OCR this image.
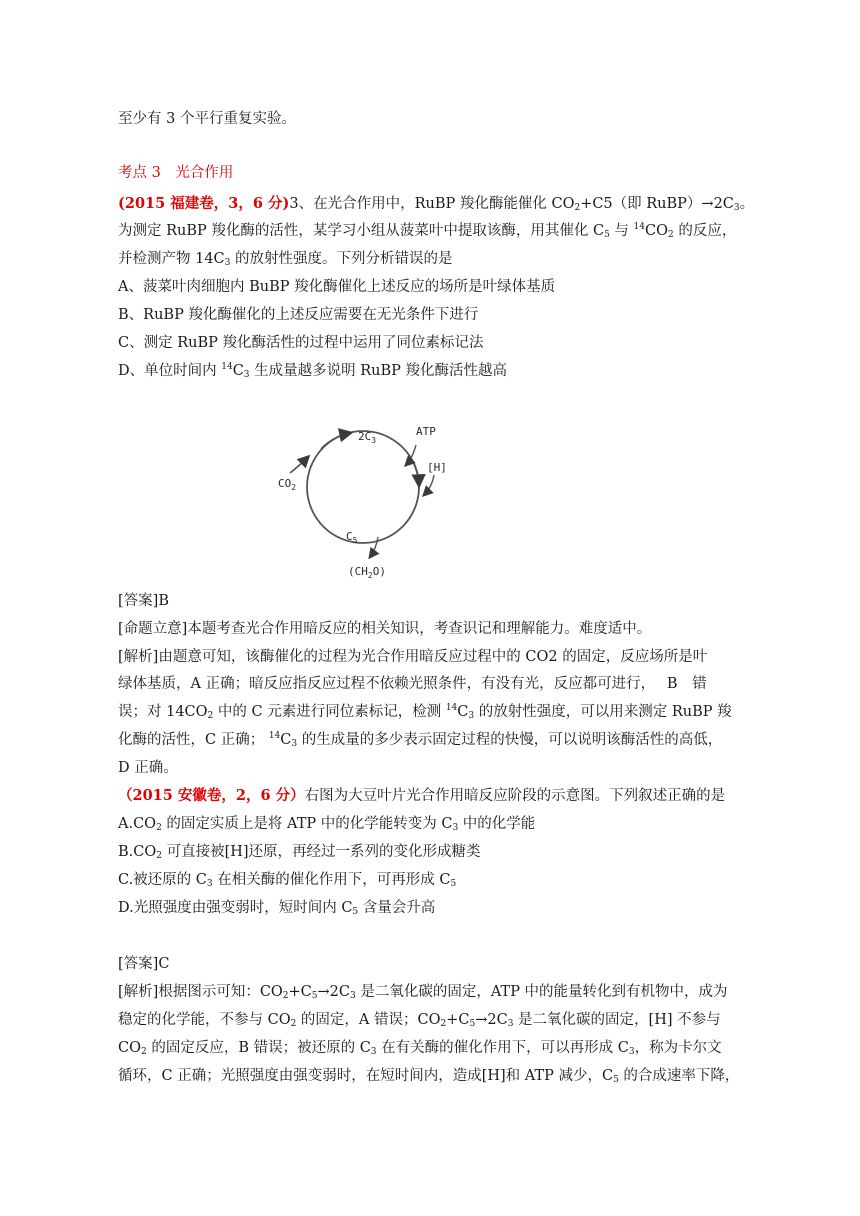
至少有 3 个平行重复实验。
考点 3　光合作用
(2015 福建卷，3，6 分)3、在光合作用中，RuBP 羧化酶能催化 $CO_2+C5$（即 $RuBP)\to 2C_3$。
为测定 RuBP 羧化酶的活性，某学习小组从菠菜叶中提取该酶，用其催化 $C_5$ 与 $^{14}CO_2$ 的反应，
并检测产物 $14C_3$ 的放射性强度。下列分析错误的是
A、菠菜叶肉细胞内 BuBP 羧化酶催化上述反应的场所是叶绿体基质
B、RuBP 羧化酶催化的上述反应需要在无光条件下进行
C、测定 RuBP 羧化酶活性的过程中运用了同位素标记法
D、单位时间内 $^{14}C_3$ 生成量越多说明 RuBP 羧化酶活性越高
$2C_3$
ATP
[H]
$CO_2$
$C_5$
$(CH_2O)$
[答案]B
[命题立意]本题考查光合作用暗反应的相关知识，考查识记和理解能力。难度适中。
[解析]由题意可知，该酶催化的过程为光合作用暗反应过程中的 CO2 的固定，反应场所是叶
绿体基质，A 正确；暗反应指反应过程不依赖光照条件，有没有光，反应都可进行，　 B　错
误；对 $14CO_2$ 中的 C 元素进行同位素标记，检测 $^{14}C_3$ 的放射性强度，可以用来测定 RuBP 羧
化酶的活性，C 正确； $^{14}C_3$ 的生成量的多少表示固定过程的快慢，可以说明该酶活性的高低，
D 正确。
（2015 安徽卷，2，6 分）右图为大豆叶片光合作用暗反应阶段的示意图。下列叙述正确的是
$A.CO_2$ 的固定实质上是将 ATP 中的化学能转变为 $C_3$ 中的化学能
$B.CO_2$ 可直接被[H]还原，再经过一系列的变化形成糖类
C.被还原的 $C_3$ 在相关酶的催化作用下，可再形成 $C_5$
D.光照强度由强变弱时，短时间内 $C_5$ 含量会升高
[答案]C
[解析]根据图示可知：$CO_2+C_5\to 2C_3$ 是二氧化碳的固定，ATP 中的能量转化到有机物中，成为
稳定的化学能，不参与 $CO_2$ 的固定，A 错误；$CO_2+C_5\to 2C_3$ 是二氧化碳的固定，[H] 不参与
$CO_2$ 的固定反应，B 错误；被还原的 $C_3$ 在有关酶的催化作用下，可以再形成 $C_3$，称为卡尔文
循环，C 正确；光照强度由强变弱时，在短时间内，造成[H]和 ATP 减少，$C_5$ 的合成速率下降，
